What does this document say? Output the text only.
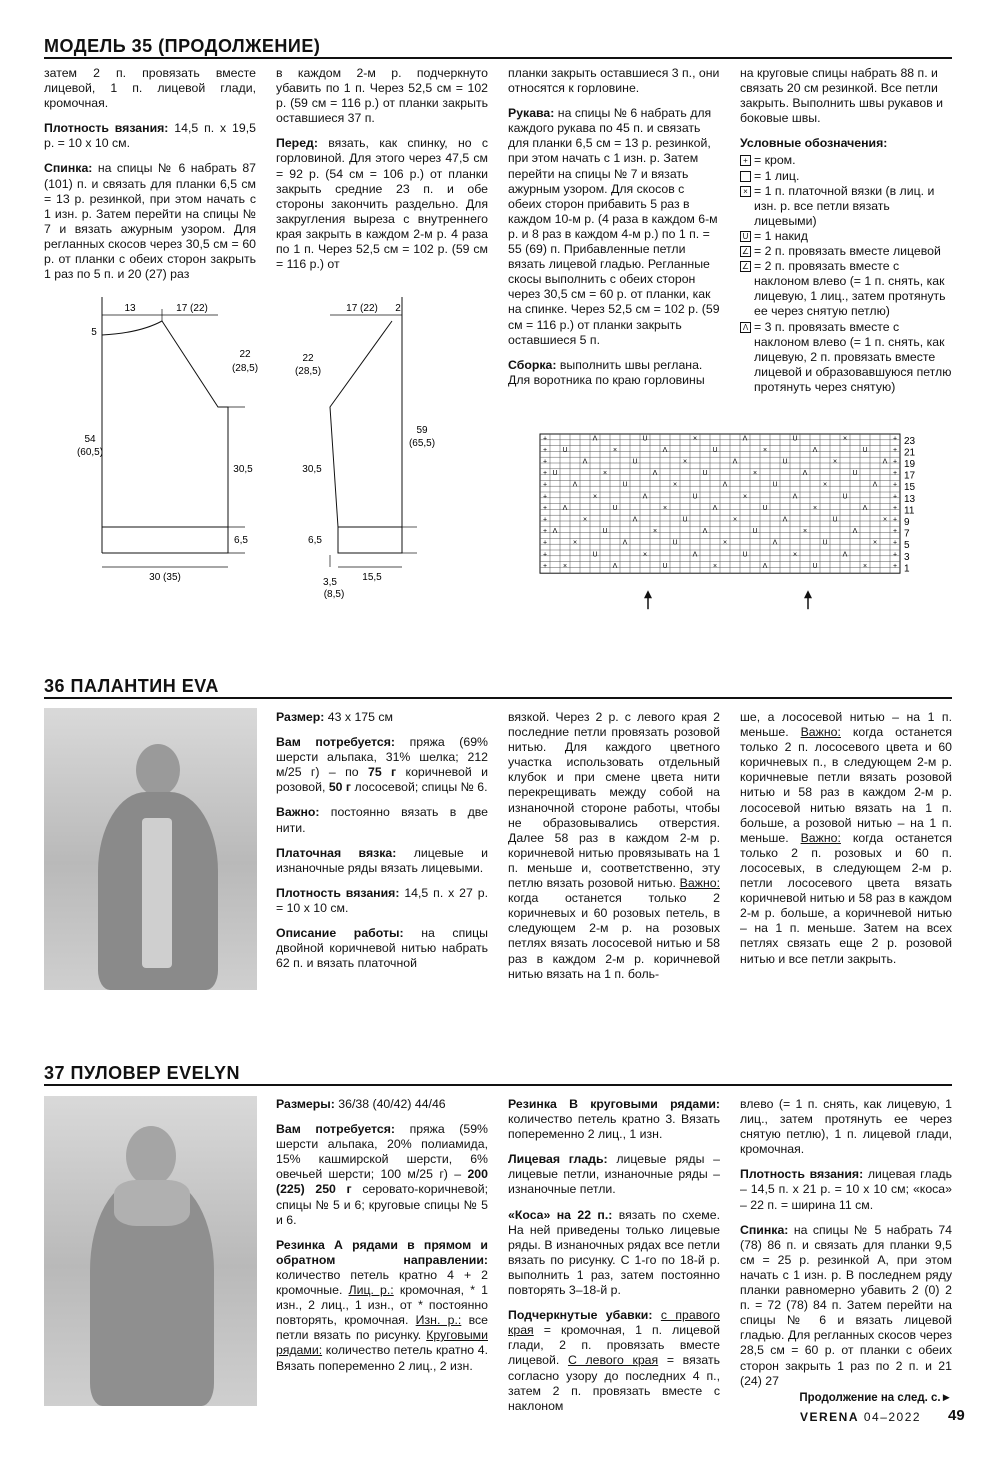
МОДЕЛЬ 35 (ПРОДОЛЖЕНИЕ)

затем 2 п. провязать вместе лицевой, 1 п. лицевой глади, кромочная.

Плотность вязания: 14,5 п. х 19,5 р. = 10 х 10 см.

Спинка: на спицы № 6 набрать 87 (101) п. и связать для планки 6,5 см = 13 р. резинкой, при этом начать с 1 изн. р. Затем перейти на спицы № 7 и вязать ажурным узором. Для регланных скосов через 30,5 см = 60 р. от планки с обеих сторон закрыть 1 раз по 5 п. и 20 (27) раз

в каждом 2-м р. подчеркнуто убавить по 1 п. Через 52,5 см = 102 р. (59 см = 116 р.) от планки закрыть оставшиеся 37 п.

Перед: вязать, как спинку, но с горловиной. Для этого через 47,5 см = 92 р. (54 см = 106 р.) от планки закрыть средние 23 п. и обе стороны закончить раздельно. Для закругления выреза с внутреннего края закрыть в каждом 2-м р. 4 раза по 1 п. Через 52,5 см = 102 р. (59 см = 116 р.) от

планки закрыть оставшиеся 3 п., они относятся к горловине.

Рукава: на спицы № 6 набрать для каждого рукава по 45 п. и связать для планки 6,5 см = 13 р. резинкой, при этом начать с 1 изн. р. Затем перейти на спицы № 7 и вязать ажурным узором. Для скосов с обеих сторон прибавить 5 раз в каждом 10-м р. (4 раза в каждом 6-м р. и 8 раз в каждом 4-м р.) по 1 п. = 55 (69) п. Прибавленные петли вязать лицевой гладью. Регланные скосы выполнить с обеих сторон через 30,5 см = 60 р. от планки, как на спинке. Через 52,5 см = 102 р. (59 см = 116 р.) от планки закрыть оставшиеся 5 п.

Сборка: выполнить швы реглана. Для воротника по краю горловины

на круговые спицы набрать 88 п. и связать 20 см резинкой. Все петли закрыть. Выполнить швы рукавов и боковые швы.

Условные обозначения:
+ = кром.
= 1 лиц.
× = 1 п. платочной вязки (в лиц. и изн. р. все петли вязать лицевыми)
U = 1 накид
∠ = 2 п. провязать вместе лицевой
∠ = 2 п. провязать вместе с наклоном влево (= 1 п. снять, как лицевую, 1 лиц., затем протянуть ее через снятую петлю)
Λ = 3 п. провязать вместе с наклоном влево (= 1 п. снять, как лицевую, 2 п. провязать вместе лицевой и образовавшуюся петлю протянуть через снятую)
13	17 (22)
5
22
(28,5)
54
(60,5)
30,5
6,5
30 (35)
17 (22) 2
22
(28,5)
59
(65,5)
30,5
6,5
15,5
3,5
(8,5)
+	Λ	U	×	Λ	U	×	+
+ U	×	Λ	U	×	Λ	U	+
+	Λ	U	×	Λ	U	×	Λ +
+ U	×	Λ	U	×	Λ	U	+
+	Λ	U	×	Λ	U	×	Λ +
+	×	Λ	U	×	Λ	U	+
+ Λ	U	×	Λ	U	×	Λ	+
+	×	Λ	U	×	Λ	U	× +
+ Λ	U	×	Λ	U	×	Λ	+
+	×	Λ	U	×	Λ	U	× +
+	U	×	Λ	U	×	Λ	+
+ ×	Λ	U	×	Λ	U	×	+
23
21
19
17
15
13
11
9
7
5
3
1
36 ПАЛАНТИН EVA

Размер: 43 х 175 см

Вам потребуется: пряжа (69% шерсти альпака, 31% шелка; 212 м/25 г) – по 75 г коричневой и розовой, 50 г лососевой; спицы № 6.

Важно: постоянно вязать в две нити.

Платочная вязка: лицевые и изнаночные ряды вязать лицевыми.

Плотность вязания: 14,5 п. х 27 р. = 10 х 10 см.

Описание работы: на спицы двойной коричневой нитью набрать 62 п. и вязать платочной

вязкой. Через 2 р. с левого края 2 последние петли провязать розовой нитью. Для каждого цветного участка использовать отдельный клубок и при смене цвета нити перекрещивать между собой на изнаночной стороне работы, чтобы не образовывались отверстия. Далее 58 раз в каждом 2-м р. коричневой нитью провязывать на 1 п. меньше и, соответственно, эту петлю вязать розовой нитью. Важно: когда останется только 2 коричневых и 60 розовых петель, в следующем 2-м р. на розовых петлях вязать лососевой нитью и 58 раз в каждом 2-м р. коричневой нитью вязать на 1 п. боль-

ше, а лососевой нитью – на 1 п. меньше. Важно: когда останется только 2 п. лососевого цвета и 60 коричневых п., в следующем 2-м р. коричневые петли вязать розовой нитью и 58 раз в каждом 2-м р. лососевой нитью вязать на 1 п. больше, а розовой нитью – на 1 п. меньше. Важно: когда останется только 2 п. розовых и 60 п. лососевых, в следующем 2-м р. петли лососевого цвета вязать коричневой нитью и 58 раз в каждом 2-м р. больше, а коричневой нитью – на 1 п. меньше. Затем на всех петлях связать еще 2 р. розовой нитью и все петли закрыть.

37 ПУЛОВЕР EVELYN

Размеры: 36/38 (40/42) 44/46

Вам потребуется: пряжа (59% шерсти альпака, 20% полиамида, 15% кашмирской шерсти, 6% овечьей шерсти; 100 м/25 г) – 200 (225) 250 г серовато-коричневой; спицы № 5 и 6; круговые спицы № 5 и 6.

Резинка А рядами в прямом и обратном направлении: количество петель кратно 4 + 2 кромочные. Лиц. р.: кромочная, * 1 изн., 2 лиц., 1 изн., от * постоянно повторять, кромочная. Изн. р.: все петли вязать по рисунку. Круговыми рядами: количество петель кратно 4. Вязать попеременно 2 лиц., 2 изн.

Резинка В круговыми рядами: количество петель кратно 3. Вязать попеременно 2 лиц., 1 изн.

Лицевая гладь: лицевые ряды – лицевые петли, изнаночные ряды – изнаночные петли.

«Коса» на 22 п.: вязать по схеме. На ней приведены только лицевые ряды. В изнаночных рядах все петли вязать по рисунку. С 1-го по 18-й р. выполнить 1 раз, затем постоянно повторять 3–18-й р.

Подчеркнутые убавки: с правого края = кромочная, 1 п. лицевой глади, 2 п. провязать вместе лицевой. С левого края = вязать согласно узору до последних 4 п., затем 2 п. провязать вместе с наклоном

влево (= 1 п. снять, как лицевую, 1 лиц., затем протянуть ее через снятую петлю), 1 п. лицевой глади, кромочная.

Плотность вязания: лицевая гладь – 14,5 п. х 21 р. = 10 х 10 см; «коса» – 22 п. = ширина 11 см.

Спинка: на спицы № 5 набрать 74 (78) 86 п. и связать для планки 9,5 см = 25 р. резинкой А, при этом начать с 1 изн. р. В последнем ряду планки равномерно убавить 2 (0) 2 п. = 72 (78) 84 п. Затем перейти на спицы № 6 и вязать лицевой гладью. Для регланных скосов через 28,5 см = 60 р. от планки с обеих сторон закрыть 1 раз по 2 п. и 21 (24) 27

Продолжение на след. с.►
VERENA 04–2022 49
